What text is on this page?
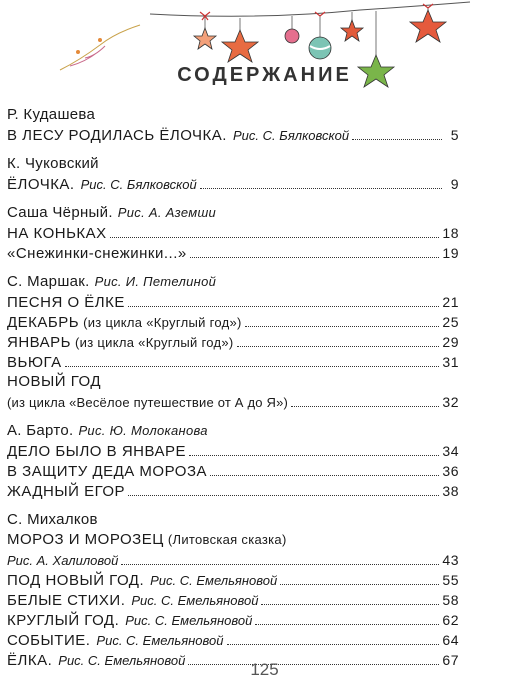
СОДЕРЖАНИЕ
Р. Кудашева
В ЛЕСУ РОДИЛАСЬ ЁЛОЧКА. Рис. С. Бялковской	5
К. Чуковский
ЁЛОЧКА. Рис. С. Бялковской	9
Саша Чёрный. Рис. А. Аземши
НА КОНЬКАХ	18
«Снежинки-снежинки...»	19
С. Маршак. Рис. И. Петелиной
ПЕСНЯ О ЁЛКЕ	21
ДЕКАБРЬ (из цикла «Круглый год»)	25
ЯНВАРЬ (из цикла «Круглый год»)	29
ВЬЮГА	31
НОВЫЙ ГОД
(из цикла «Весёлое путешествие от А до Я»)	32
А. Барто. Рис. Ю. Молоканова
ДЕЛО БЫЛО В ЯНВАРЕ	34
В ЗАЩИТУ ДЕДА МОРОЗА	36
ЖАДНЫЙ ЕГОР	38
С. Михалков
МОРОЗ И МОРОЗЕЦ (Литовская сказка)
Рис. А. Халиловой	43
ПОД НОВЫЙ ГОД. Рис. С. Емельяновой	55
БЕЛЫЕ СТИХИ. Рис. С. Емельяновой	58
КРУГЛЫЙ ГОД. Рис. С. Емельяновой	62
СОБЫТИЕ. Рис. С. Емельяновой	64
ЁЛКА. Рис. С. Емельяновой	67
125
